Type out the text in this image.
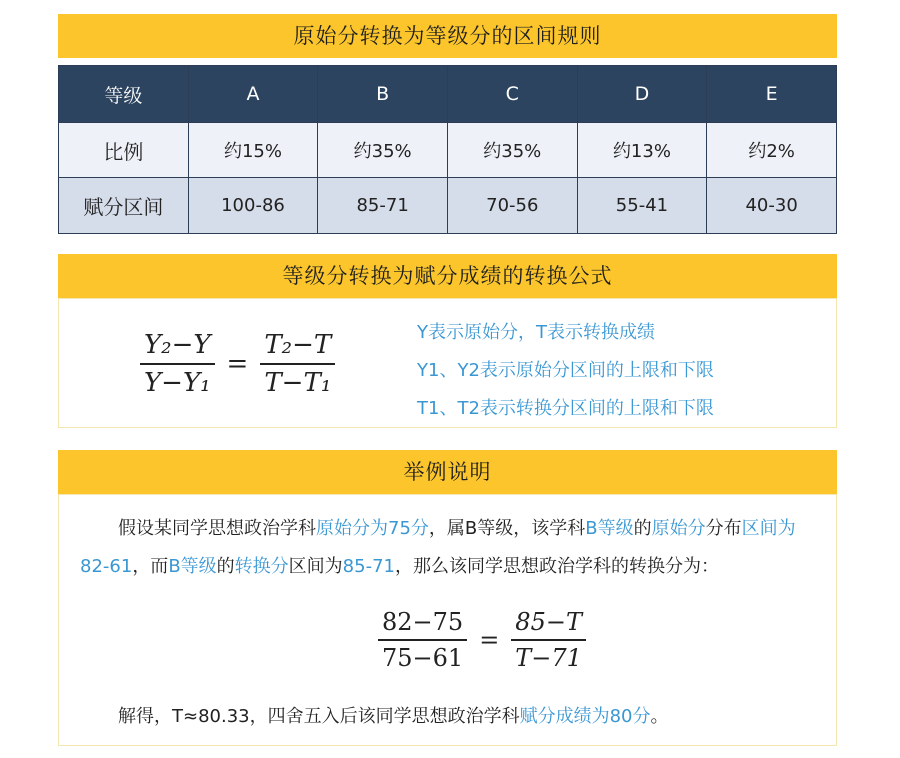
原始分转换为等级分的区间规则
等级	A	B	C	D	E
比例	约15%	约35%	约35%	约13%	约2%
赋分区间	100-86	85-71	70-56	55-41	40-30
等级分转换为赋分成绩的转换公式
$\frac{\text{Y₂−Y}}{\text{Y−Y₁}} = \frac{\text{T₂−T}}{\text{T−T₁}}$	Y表示原始分，T表示转换成绩
Y1、Y2表示原始分区间的上限和下限
T1、T2表示转换分区间的上限和下限
举例说明
假设某同学思想政治学科原始分为75分，属B等级，该学科B等级的原始分分布区间为82-61，而B等级的转换分区间为85-71，那么该同学思想政治学科的转换分为：
$\frac{82-75}{75-61} = \frac{85-T}{T-71}$
解得，T≈80.33，四舍五入后该同学思想政治学科赋分成绩为80分。
